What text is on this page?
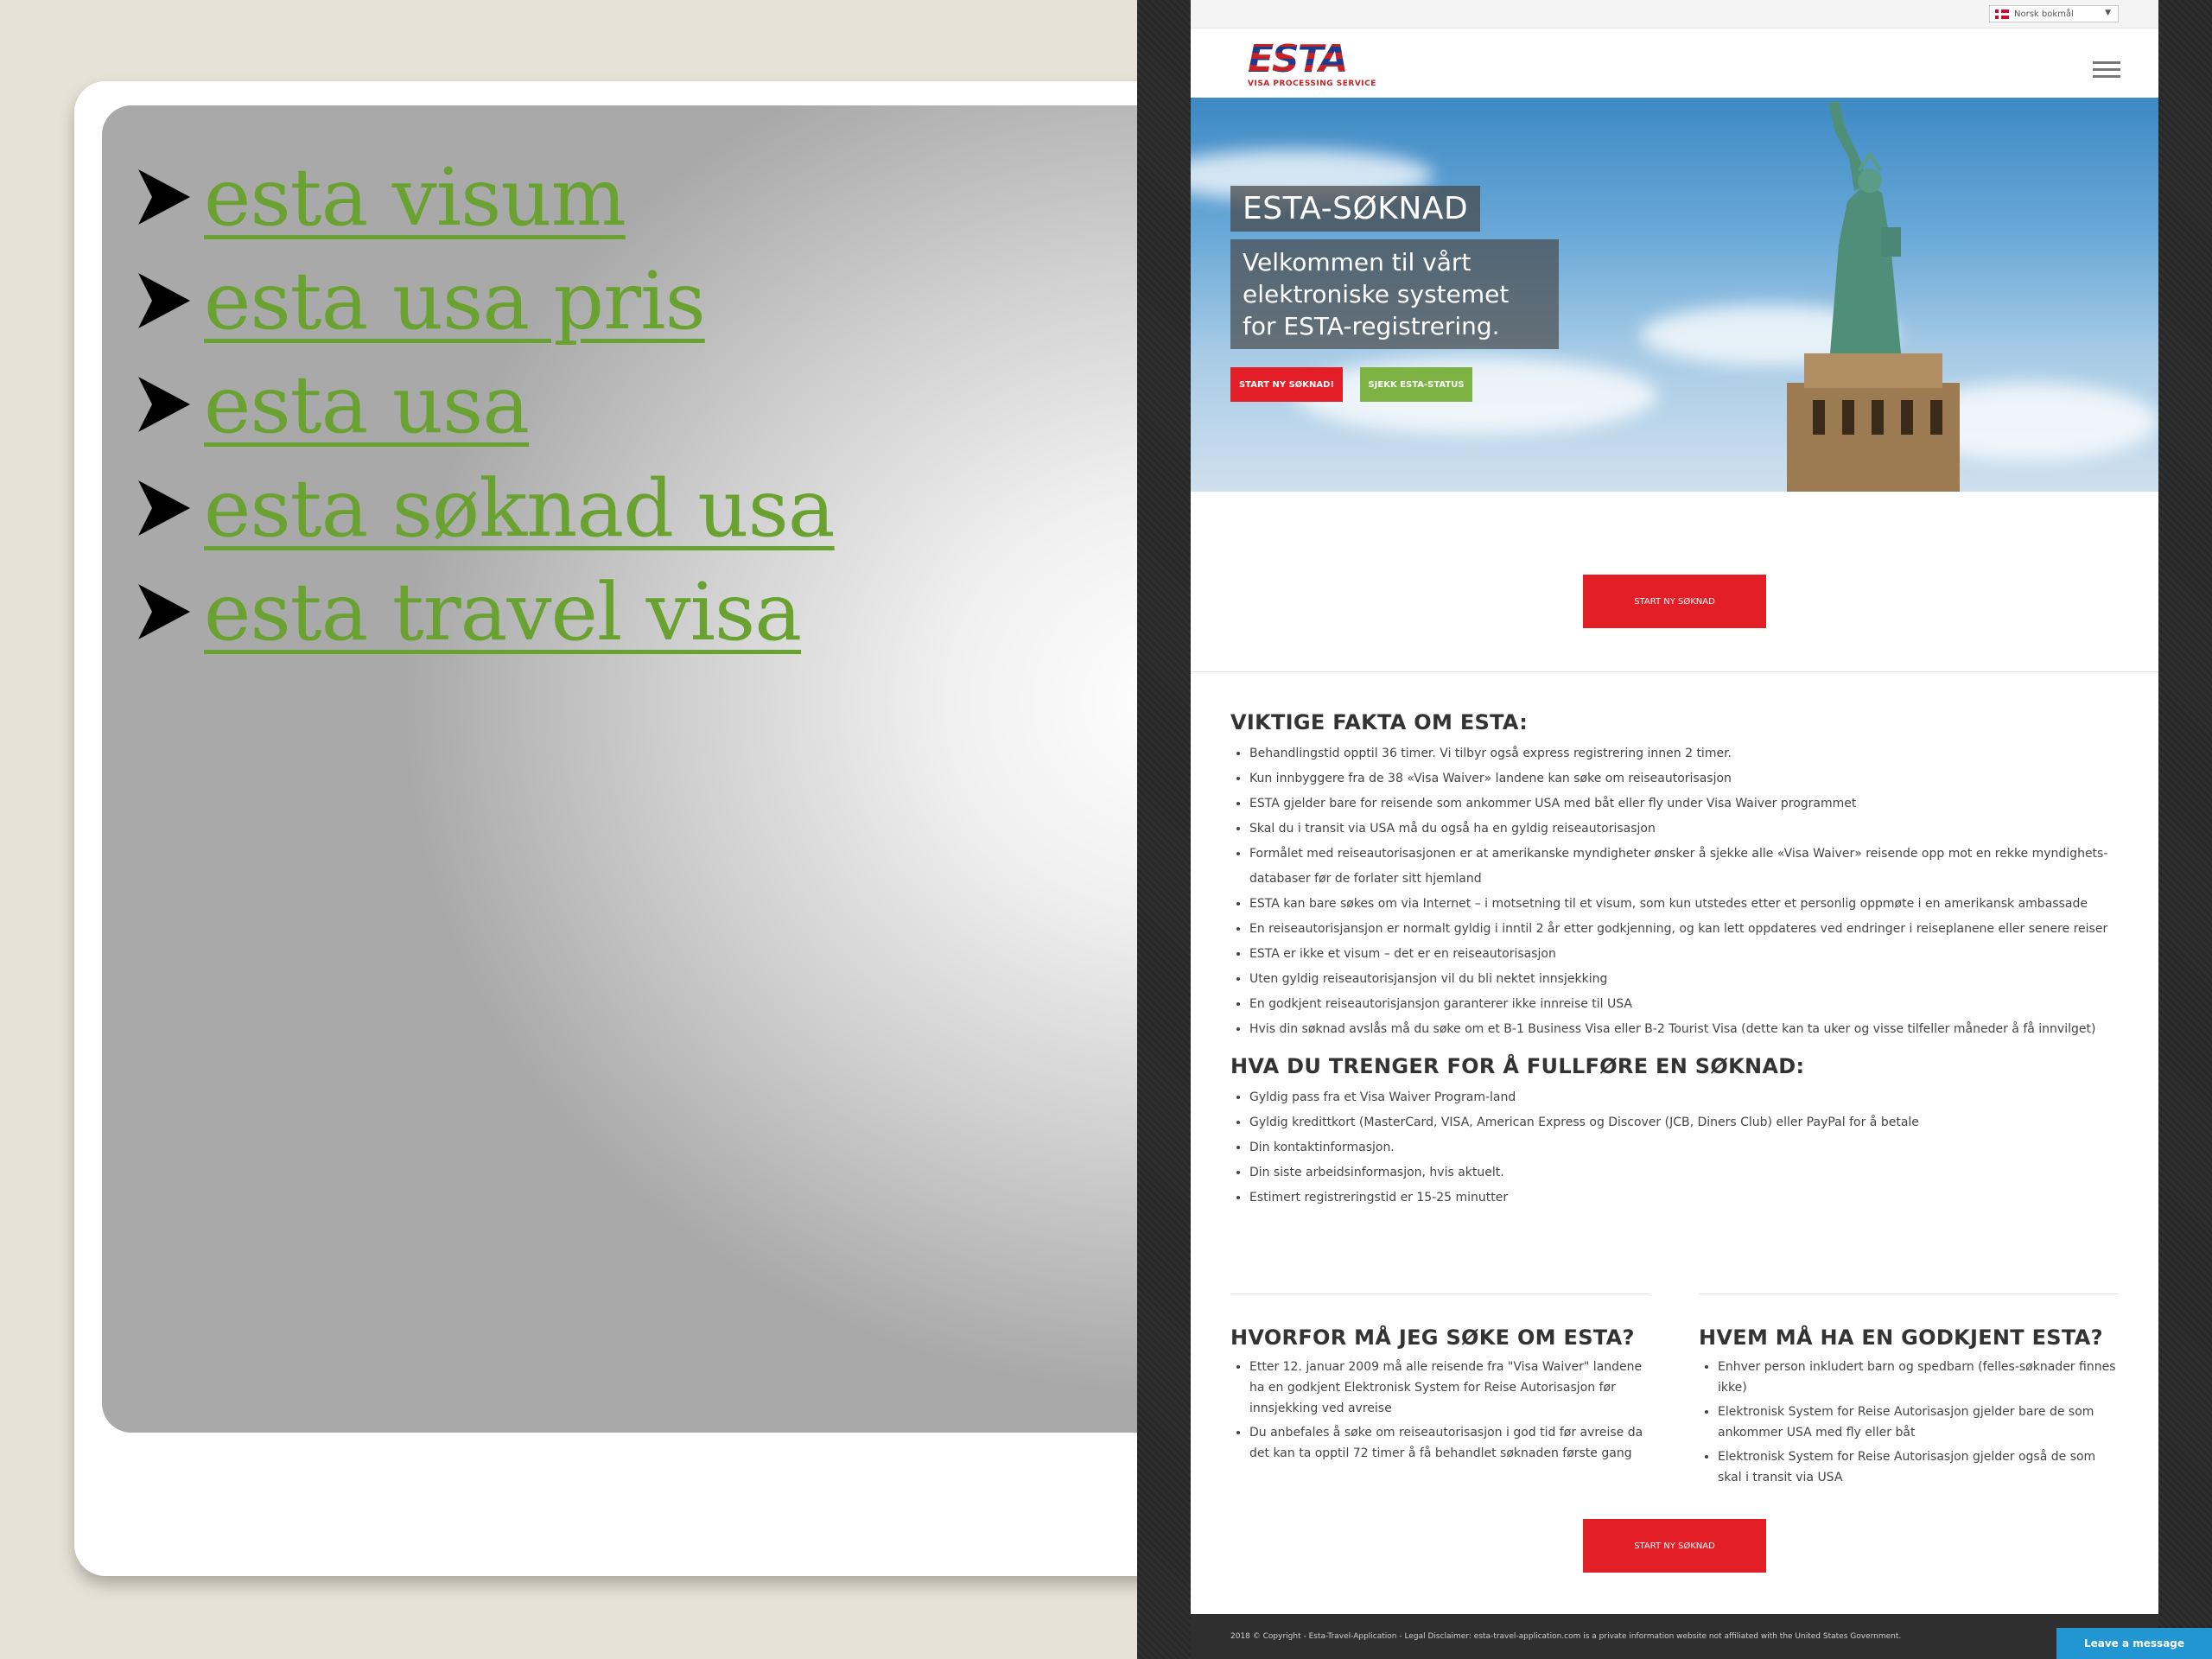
esta visum
esta usa pris
esta usa
esta søknad usa
esta travel visa
Norsk bokmål	▼
ESTA
VISA PROCESSING SERVICE
ESTA-SØKNAD
Velkommen til vårt elektroniske systemet for ESTA-registrering.
START NY SØKNAD!	SJEKK ESTA-STATUS
START NY SØKNAD
VIKTIGE FAKTA OM ESTA:
• Behandlingstid opptil 36 timer. Vi tilbyr også express registrering innen 2 timer.
• Kun innbyggere fra de 38 «Visa Waiver» landene kan søke om reiseautorisasjon
• ESTA gjelder bare for reisende som ankommer USA med båt eller fly under Visa Waiver programmet
• Skal du i transit via USA må du også ha en gyldig reiseautorisasjon
• Formålet med reiseautorisasjonen er at amerikanske myndigheter ønsker å sjekke alle «Visa Waiver» reisende opp mot en rekke myndighets-databaser før de forlater sitt hjemland
• ESTA kan bare søkes om via Internet – i motsetning til et visum, som kun utstedes etter et personlig oppmøte i en amerikansk ambassade
• En reiseautorisjansjon er normalt gyldig i inntil 2 år etter godkjenning, og kan lett oppdateres ved endringer i reiseplanene eller senere reiser
• ESTA er ikke et visum – det er en reiseautorisasjon
• Uten gyldig reiseautorisjansjon vil du bli nektet innsjekking
• En godkjent reiseautorisjansjon garanterer ikke innreise til USA
• Hvis din søknad avslås må du søke om et B-1 Business Visa eller B-2 Tourist Visa (dette kan ta uker og visse tilfeller måneder å få innvilget)
HVA DU TRENGER FOR Å FULLFØRE EN SØKNAD:
• Gyldig pass fra et Visa Waiver Program-land
• Gyldig kredittkort (MasterCard, VISA, American Express og Discover (JCB, Diners Club) eller PayPal for å betale
• Din kontaktinformasjon.
• Din siste arbeidsinformasjon, hvis aktuelt.
• Estimert registreringstid er 15-25 minutter
HVORFOR MÅ JEG SØKE OM ESTA?
• Etter 12. januar 2009 må alle reisende fra "Visa Waiver" landene ha en godkjent Elektronisk System for Reise Autorisasjon før innsjekking ved avreise
• Du anbefales å søke om reiseautorisasjon i god tid før avreise da det kan ta opptil 72 timer å få behandlet søknaden første gang
HVEM MÅ HA EN GODKJENT ESTA?
• Enhver person inkludert barn og spedbarn (felles-søknader finnes ikke)
• Elektronisk System for Reise Autorisasjon gjelder bare de som ankommer USA med fly eller båt
• Elektronisk System for Reise Autorisasjon gjelder også de som skal i transit via USA
START NY SØKNAD
2018 © Copyright - Esta-Travel-Application - Legal Disclaimer: esta-travel-application.com is a private information website not affiliated with the United States Government.
Leave a message
